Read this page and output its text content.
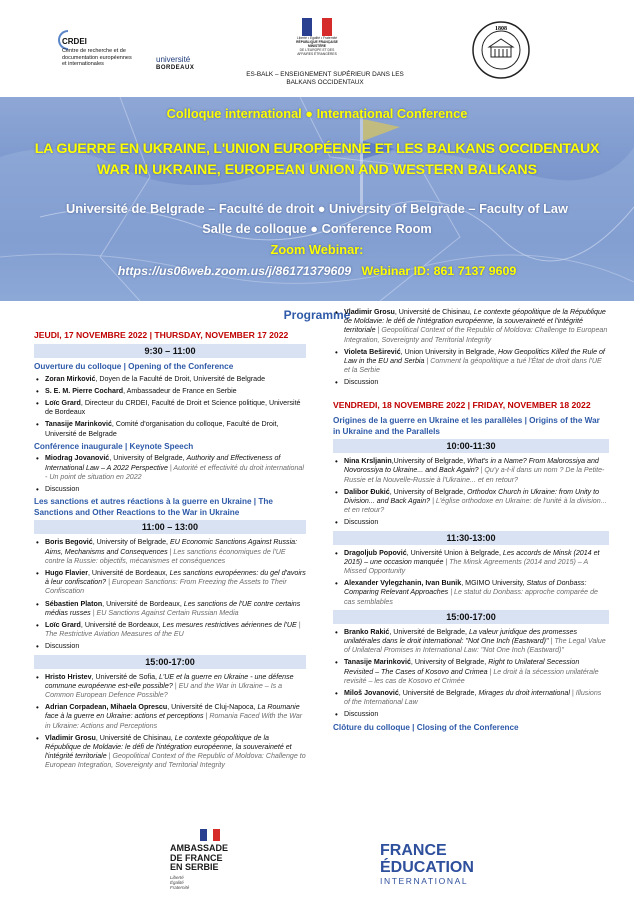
CRDEI
Centre de recherche et de
documentation européennes
et internationales
université
BORDEAUX
Liberté • Égalité • Fraternité
RÉPUBLIQUE FRANÇAISE
MINISTÈRE
DE L'EUROPE ET DES
AFFAIRES ÉTRANGÈRES
ES-BALK – ENSEIGNEMENT SUPÉRIEUR DANS LES BALKANS OCCIDENTAUX
1808
Colloque international ● International Conference
LA GUERRE EN UKRAINE, L'UNION EUROPÉENNE ET LES BALKANS OCCIDENTAUX
WAR IN UKRAINE, EUROPEAN UNION AND WESTERN BALKANS
Université de Belgrade – Faculté de droit ● University of Belgrade – Faculty of Law
Salle de colloque ● Conference Room
Zoom Webinar:
https://us06web.zoom.us/j/86171379609 Webinar ID: 861 7137 9609
Programme
JEUDI, 17 NOVEMBRE 2022 | THURSDAY, NOVEMBER 17 2022
9:30 – 11:00
Ouverture du colloque | Opening of the Conference
• Zoran Mirković, Doyen de la Faculté de Droit, Université de Belgrade
• S. E. M. Pierre Cochard, Ambassadeur de France en Serbie
• Loïc Grard, Directeur du CRDEI, Faculté de Droit et Science politique, Université de Bordeaux
• Tanasije Marinković, Comité d'organisation du colloque, Faculté de Droit, Université de Belgrade
Conférence inaugurale | Keynote Speech
• Miodrag Jovanović, University of Belgrade, Authority and Effectiveness of International Law – A 2022 Perspective | Autorité et effectivité du droit international - Un point de situation en 2022
• Discussion
Les sanctions et autres réactions à la guerre en Ukraine | The Sanctions and Other Reactions to the War in Ukraine
11:00 – 13:00
• Boris Begović, University of Belgrade, EU Economic Sanctions Against Russia: Aims, Mechanisms and Consequences | Les sanctions économiques de l'UE contre la Russie: objectifs, mécanismes et conséquences
• Hugo Flavier, Université de Bordeaux, Les sanctions européennes: du gel d'avoirs à leur confiscation? | European Sanctions: From Freezing the Assets to Their Confiscation
• Sébastien Platon, Université de Bordeaux, Les sanctions de l'UE contre certains médias russes | EU Sanctions Against Certain Russian Media
• Loïc Grard, Université de Bordeaux, Les mesures restrictives aériennes de l'UE | The Restrictive Aviation Measures of the EU
• Discussion
15:00-17:00
• Hristo Hristev, Université de Sofia, L'UE et la guerre en Ukraine - une défense commune européenne est-elle possible? | EU and the War in Ukraine – Is a Common European Defence Possible?
• Adrian Corpadean, Mihaela Oprescu, Université de Cluj-Napoca, La Roumanie face à la guerre en Ukraine: actions et perceptions | Romania Faced With the War in Ukraine: Actions and Perceptions
• Vladimir Grosu, Université de Chisinau, Le contexte géopolitique de la République de Moldavie: le défi de l'intégration européenne, la souveraineté et l'intégrité territoriale | Geopolitical Context of the Republic of Moldova: Challenge to European Integration, Sovereignty and Territorial Integrity
• Vladimir Grosu, Université de Chisinau, Le contexte géopolitique de la République de Moldavie: le défi de l'intégration européenne, la souveraineté et l'intégrité territoriale | Geopolitical Context of the Republic of Moldova: Challenge to European Integration, Sovereignty and Territorial Integrity
• Violeta Beširević, Union University in Belgrade, How Geopolitics Killed the Rule of Law in the EU and Serbia | Comment la géopolitique a tué l'État de droit dans l'UE et la Serbie
• Discussion
VENDREDI, 18 NOVEMBRE 2022 | FRIDAY, NOVEMBER 18 2022
Origines de la guerre en Ukraine et les parallèles | Origins of the War in Ukraine and the Parallels
10:00-11:30
• Nina Krsljanin,University of Belgrade, What's in a Name? From Malorossiya and Novorossiya to Ukraine... and Back Again? | Qu'y a-t-il dans un nom ? De la Petite-Russie et la Nouvelle-Russie à l'Ukraine... et en retour?
• Dalibor Đukić, University of Belgrade, Orthodox Church in Ukraine: from Unity to Division... and Back Again? | L'église orthodoxe en Ukraine: de l'unité à la division... et en retour?
• Discussion
11:30-13:00
• Dragoljub Popović, Université Union à Belgrade, Les accords de Minsk (2014 et 2015) – une occasion manquée | The Minsk Agreements (2014 and 2015) – A Missed Opportunity
• Alexander Vylegzhanin, Ivan Bunik, MGIMO University, Status of Donbass: Comparing Relevant Approaches | Le statut du Donbass: approche comparée de cas semblables
15:00-17:00
• Branko Rakić, Université de Belgrade, La valeur juridique des promesses unilatérales dans le droit international: "Not One Inch (Eastward)" | The Legal Value of Unilateral Promises in International Law: "Not One Inch (Eastward)"
• Tanasije Marinković, University of Belgrade, Right to Unilateral Secession Revisited – The Cases of Kosovo and Crimea | Le droit à la sécession unilatérale revisité – les cas de Kosovo et Crimée
• Miloš Jovanović, Université de Belgrade, Mirages du droit international | Illusions of the International Law
• Discussion
Clôture du colloque | Closing of the Conference
AMBASSADE
DE FRANCE
EN SERBIE
Liberté
Égalité
Fraternité
FRANCE
ÉDUCATION
INTERNATIONAL
